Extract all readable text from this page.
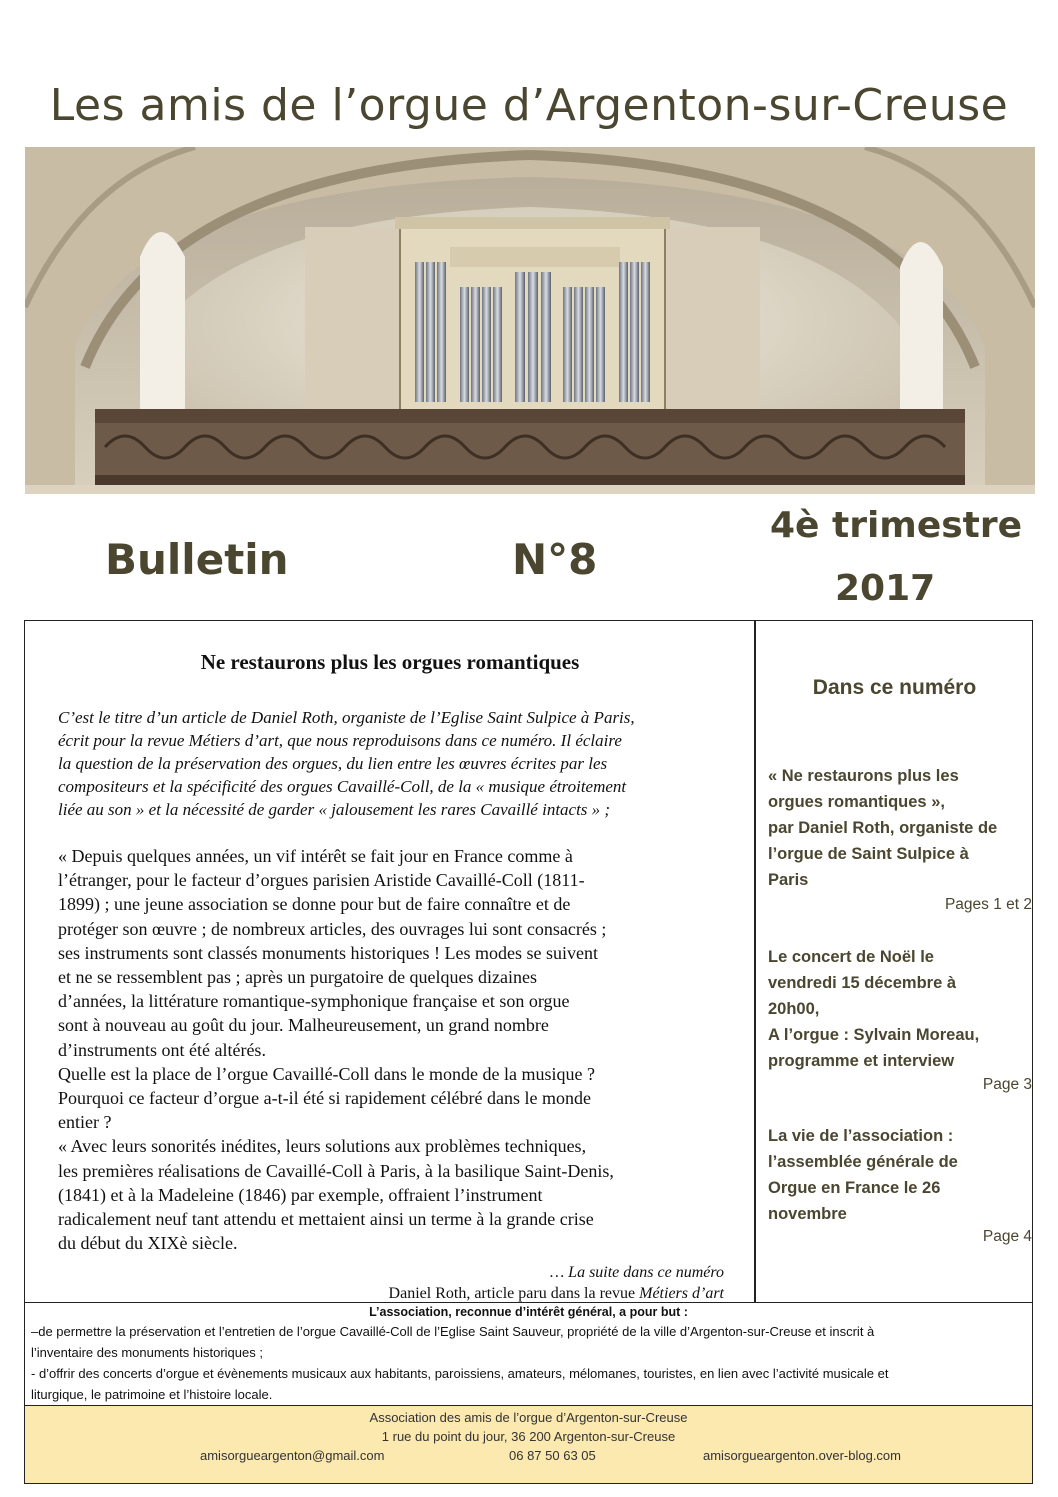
Les amis de l’orgue d’Argenton-sur-Creuse
Bulletin	N°8
4è trimestre
2017
Ne restaurons plus les orgues romantiques
C’est le titre d’un article de Daniel Roth, organiste de l’Eglise Saint Sulpice à Paris,
écrit pour la revue Métiers d’art, que nous reproduisons dans ce numéro. Il éclaire
la question de la préservation des orgues, du lien entre les œuvres écrites par les
compositeurs et la spécificité des orgues Cavaillé-Coll, de la « musique étroitement
liée au son » et la nécessité de garder « jalousement les rares Cavaillé intacts » ;
« Depuis quelques années, un vif intérêt se fait jour en France comme à
l’étranger, pour le facteur d’orgues parisien Aristide Cavaillé-Coll (1811-
1899) ; une jeune association se donne pour but de faire connaître et de
protéger son œuvre ; de nombreux articles, des ouvrages lui sont consacrés ;
ses instruments sont classés monuments historiques ! Les modes se suivent
et ne se ressemblent pas ; après un purgatoire de quelques dizaines
d’années, la littérature romantique-symphonique française et son orgue
sont à nouveau au goût du jour. Malheureusement, un grand nombre
d’instruments ont été altérés.
Quelle est la place de l’orgue Cavaillé-Coll dans le monde de la musique ?
Pourquoi ce facteur d’orgue a-t-il été si rapidement célébré dans le monde
entier ?
« Avec leurs sonorités inédites, leurs solutions aux problèmes techniques,
les premières réalisations de Cavaillé-Coll à Paris, à la basilique Saint-Denis,
(1841) et à la Madeleine (1846) par exemple, offraient l’instrument
radicalement neuf tant attendu et mettaient ainsi un terme à la grande crise
du début du XIXè siècle.
… La suite dans ce numéro
Daniel Roth, article paru dans la revue Métiers d’art
Dans ce numéro
« Ne restaurons plus les
orgues romantiques »,
par Daniel Roth, organiste de
l’orgue de Saint Sulpice à
Paris
Pages 1 et 2
Le concert de Noël le
vendredi 15 décembre à
20h00,
A l’orgue : Sylvain Moreau,
programme et interview
Page 3
La vie de l’association :
l’assemblée générale de
Orgue en France le 26
novembre
Page 4
L’association, reconnue d’intérêt général, a pour but :

–de permettre la préservation et l’entretien de l’orgue Cavaillé-Coll de l’Eglise Saint Sauveur, propriété de la ville d’Argenton-sur-Creuse et inscrit à

l’inventaire des monuments historiques ;

- d’offrir des concerts d’orgue et évènements musicaux aux habitants, paroissiens, amateurs, mélomanes, touristes, en lien avec l’activité musicale et

liturgique, le patrimoine et l’histoire locale.

Association des amis de l’orgue d’Argenton-sur-Creuse
1 rue du point du jour, 36 200 Argenton-sur-Creuse
amisorgueargenton@gmail.com	06 87 50 63 05	amisorgueargenton.over-blog.com
